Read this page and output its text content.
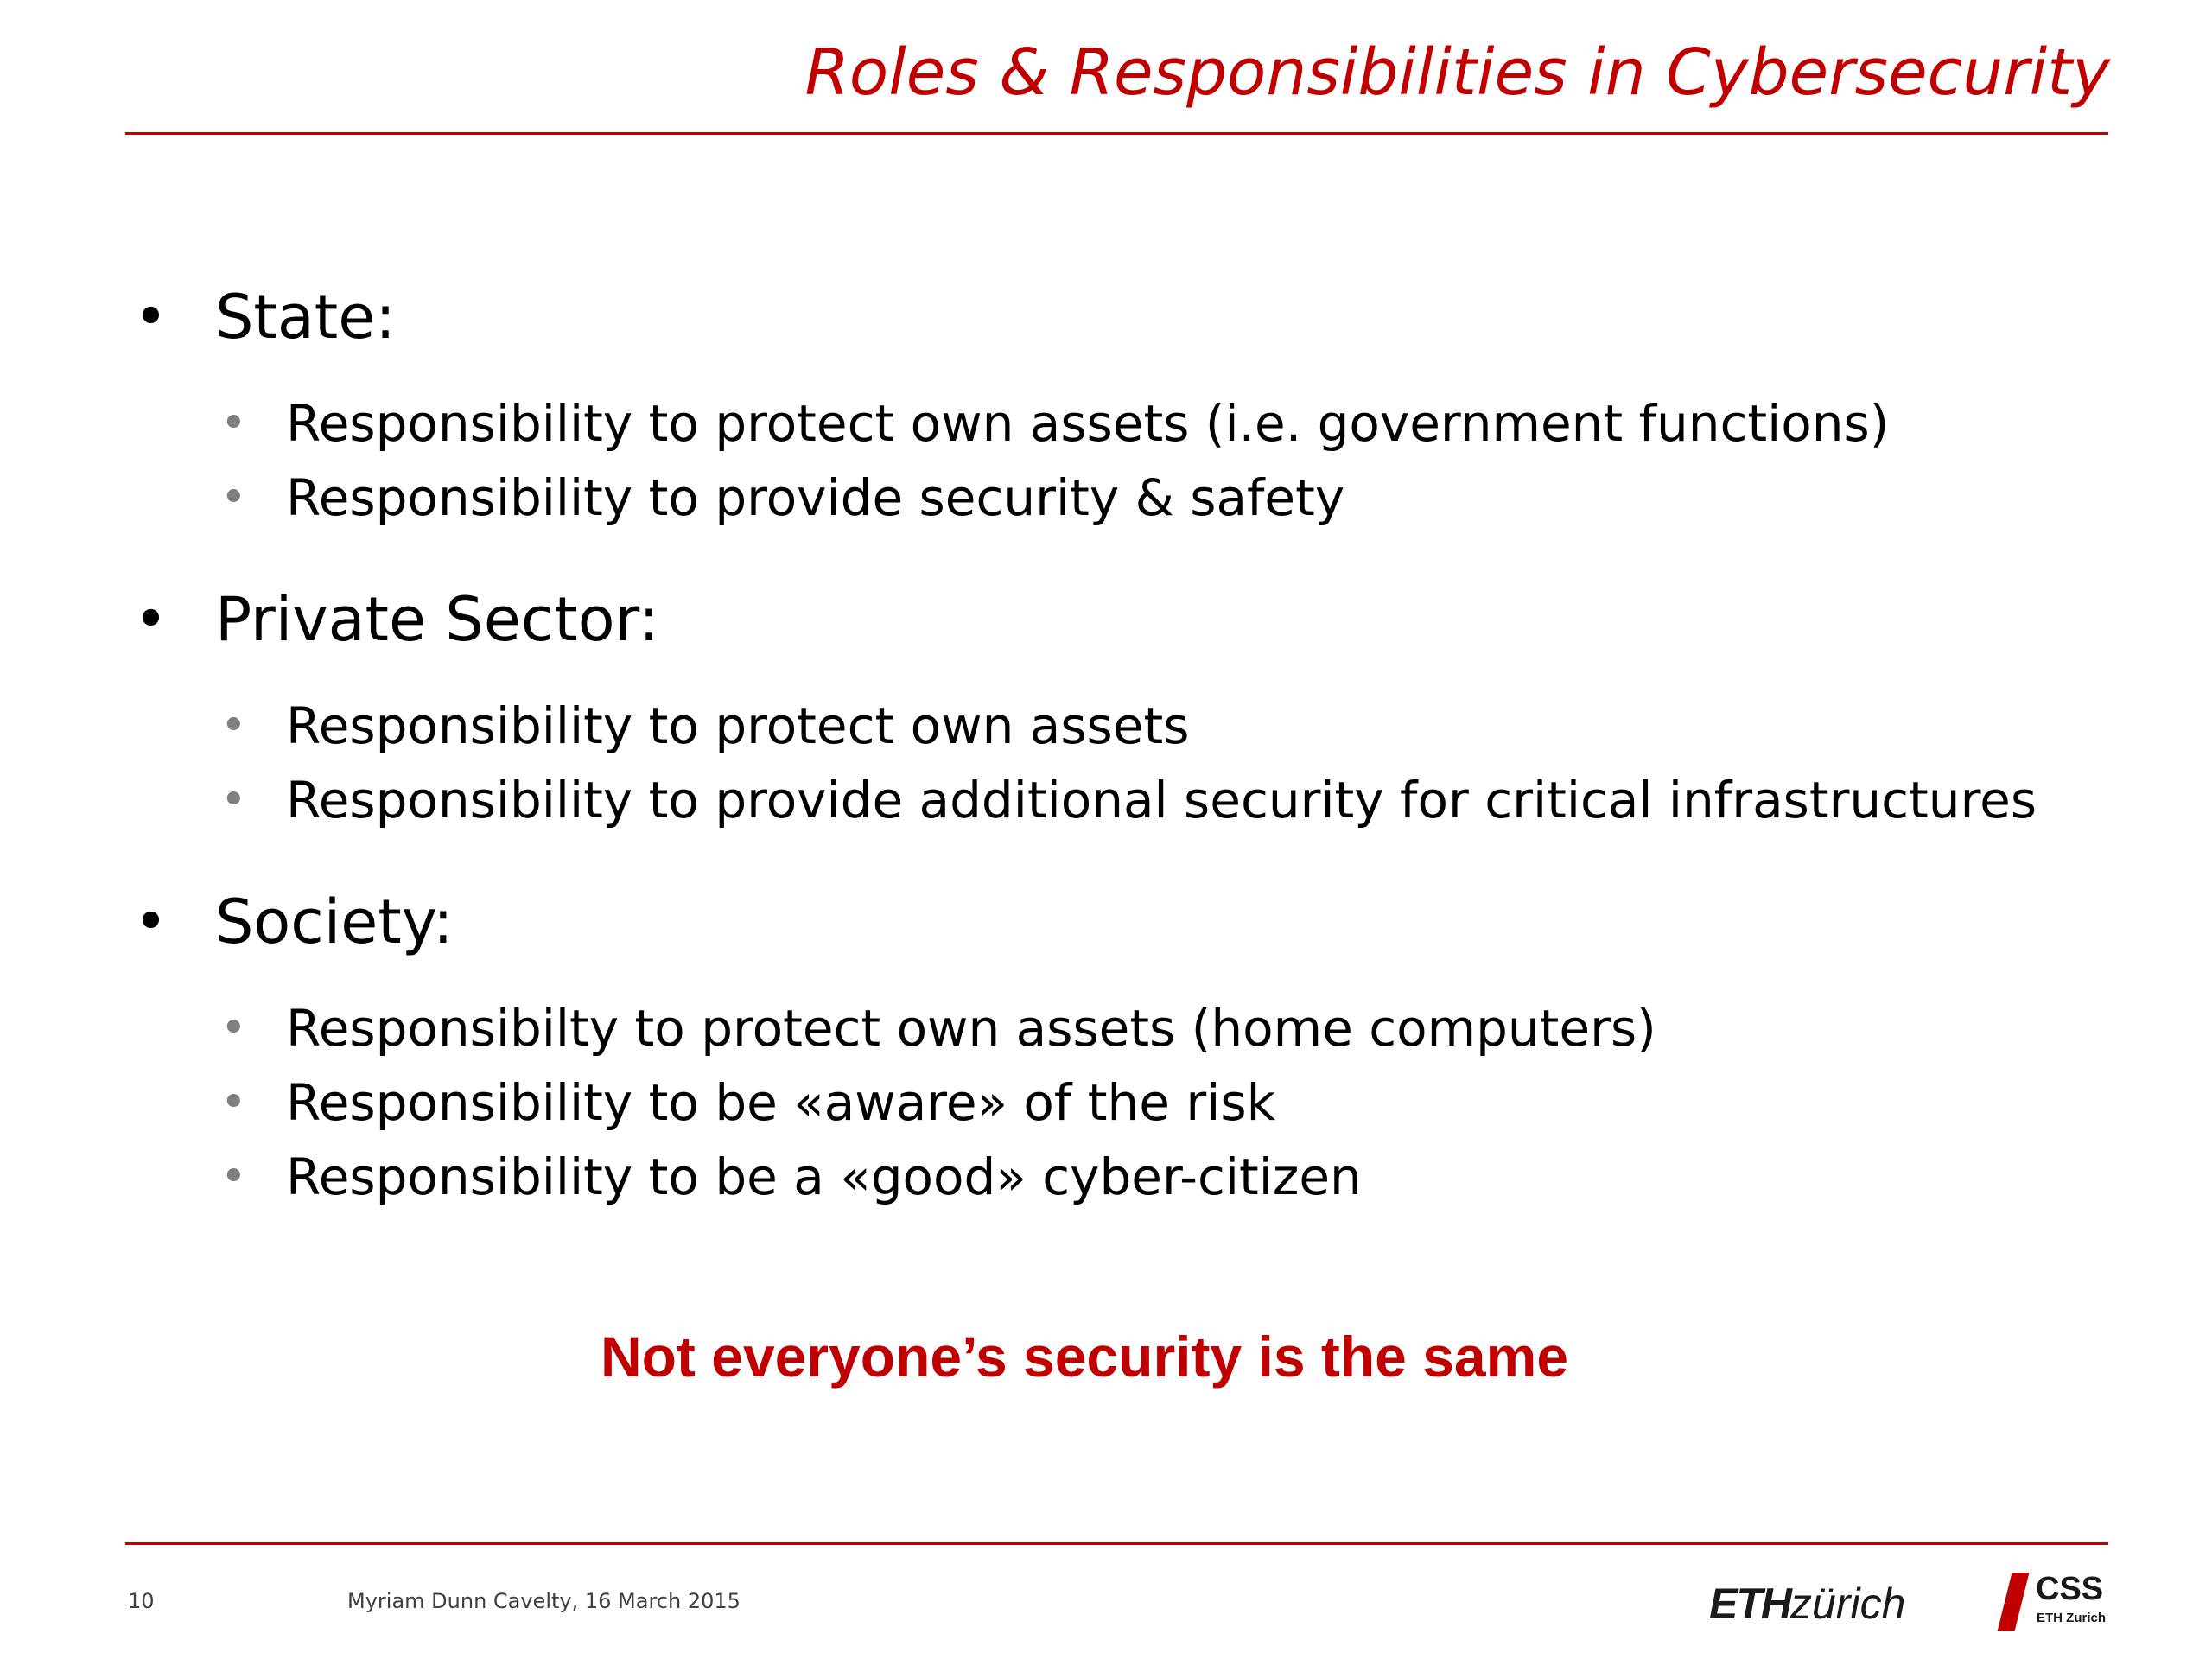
Roles & Responsibilities in Cybersecurity
• State:
• Responsibility to protect own assets (i.e. government functions)
• Responsibility to provide security & safety
• Private Sector:
• Responsibility to protect own assets
• Responsibility to provide additional security for critical infrastructures
• Society:
• Responsibilty to protect own assets (home computers)
• Responsibility to be «aware» of the risk
• Responsibility to be a «good» cyber-citizen
Not everyone’s security is the same
10	Myriam Dunn Cavelty, 16 March 2015	ETHzürich	CSS
ETH Zurich
